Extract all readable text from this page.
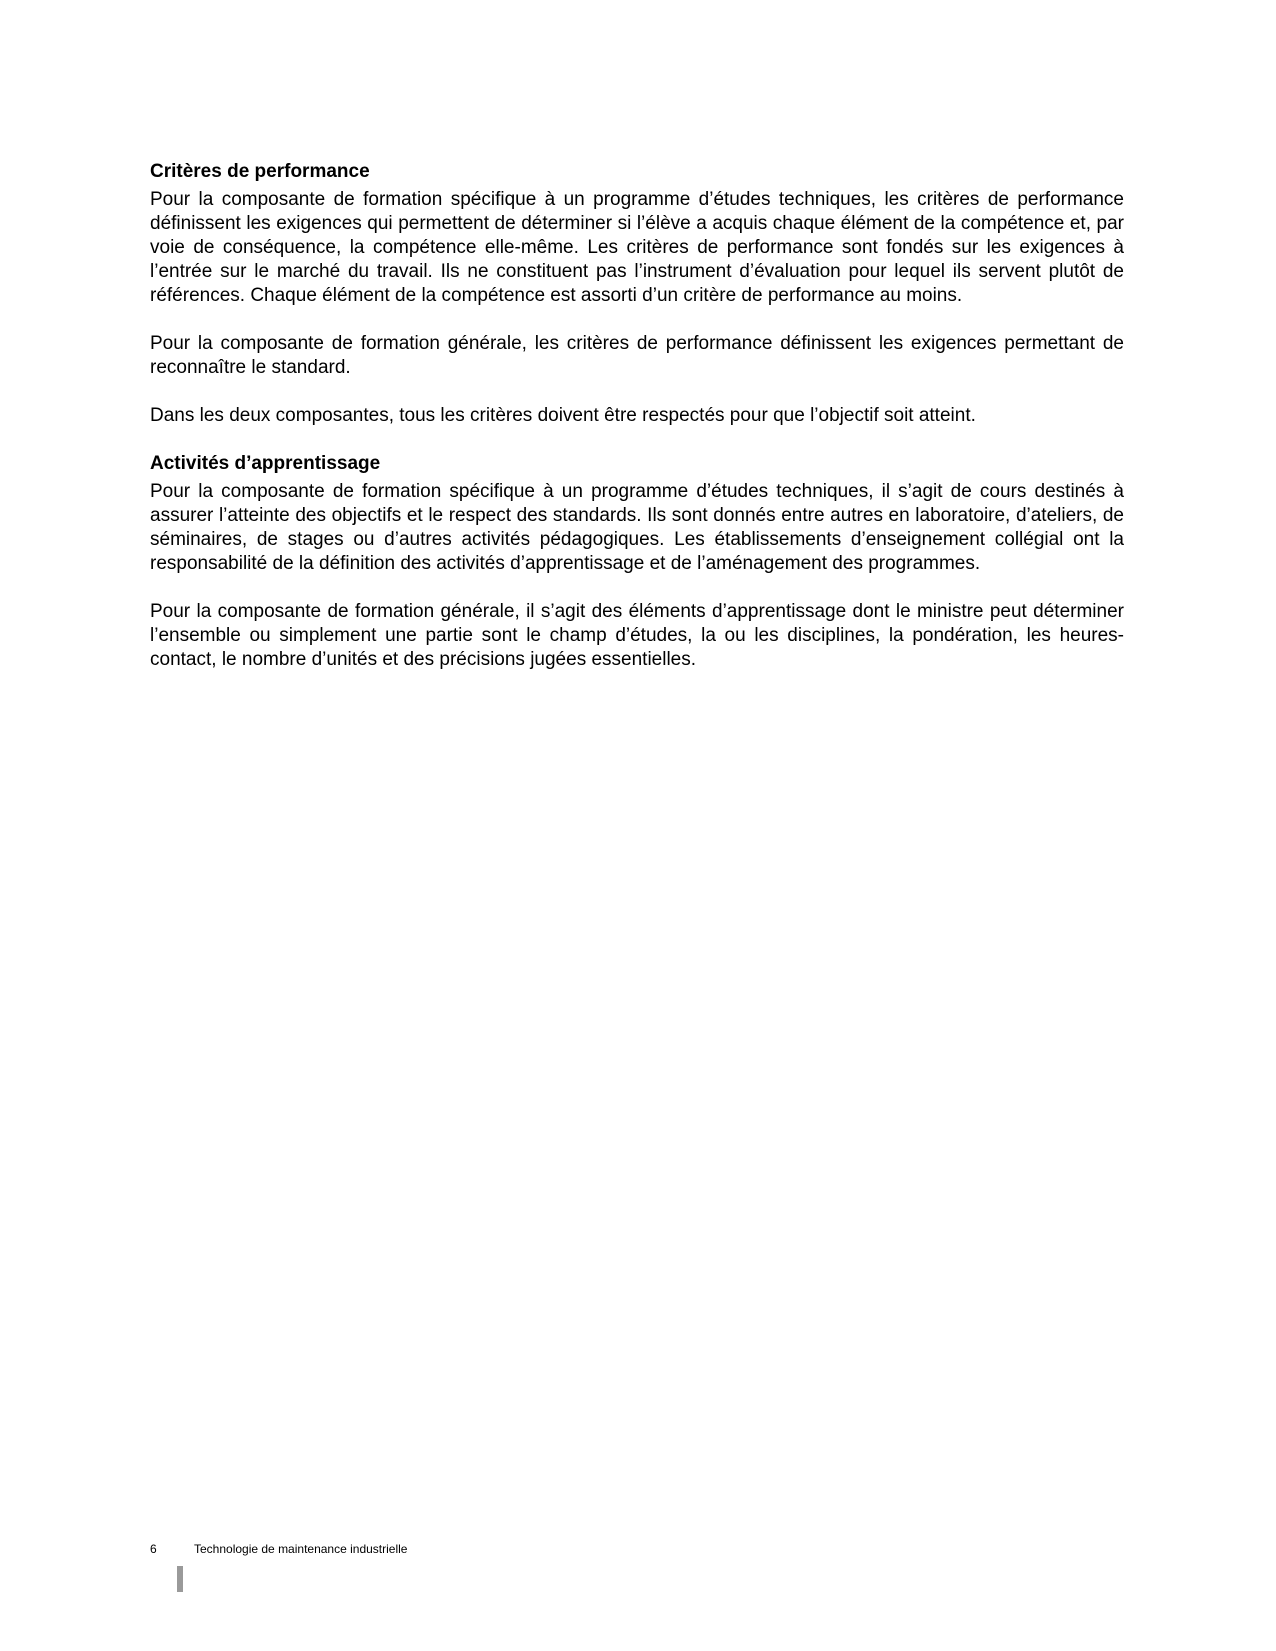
Critères de performance

Pour la composante de formation spécifique à un programme d’études techniques, les critères de performance définissent les exigences qui permettent de déterminer si l’élève a acquis chaque élément de la compétence et, par voie de conséquence, la compétence elle-même. Les critères de performance sont fondés sur les exigences à l’entrée sur le marché du travail. Ils ne constituent pas l’instrument d’évaluation pour lequel ils servent plutôt de références. Chaque élément de la compétence est assorti d’un critère de performance au moins.

Pour la composante de formation générale, les critères de performance définissent les exigences permettant de reconnaître le standard.

Dans les deux composantes, tous les critères doivent être respectés pour que l’objectif soit atteint.

Activités d’apprentissage

Pour la composante de formation spécifique à un programme d’études techniques, il s’agit de cours destinés à assurer l’atteinte des objectifs et le respect des standards. Ils sont donnés entre autres en laboratoire, d’ateliers, de séminaires, de stages ou d’autres activités pédagogiques. Les établissements d’enseignement collégial ont la responsabilité de la définition des activités d’apprentissage et de l’aménagement des programmes.

Pour la composante de formation générale, il s’agit des éléments d’apprentissage dont le ministre peut déterminer l’ensemble ou simplement une partie sont le champ d’études, la ou les disciplines, la pondération, les heures-contact, le nombre d’unités et des précisions jugées essentielles.

6	Technologie de maintenance industrielle
